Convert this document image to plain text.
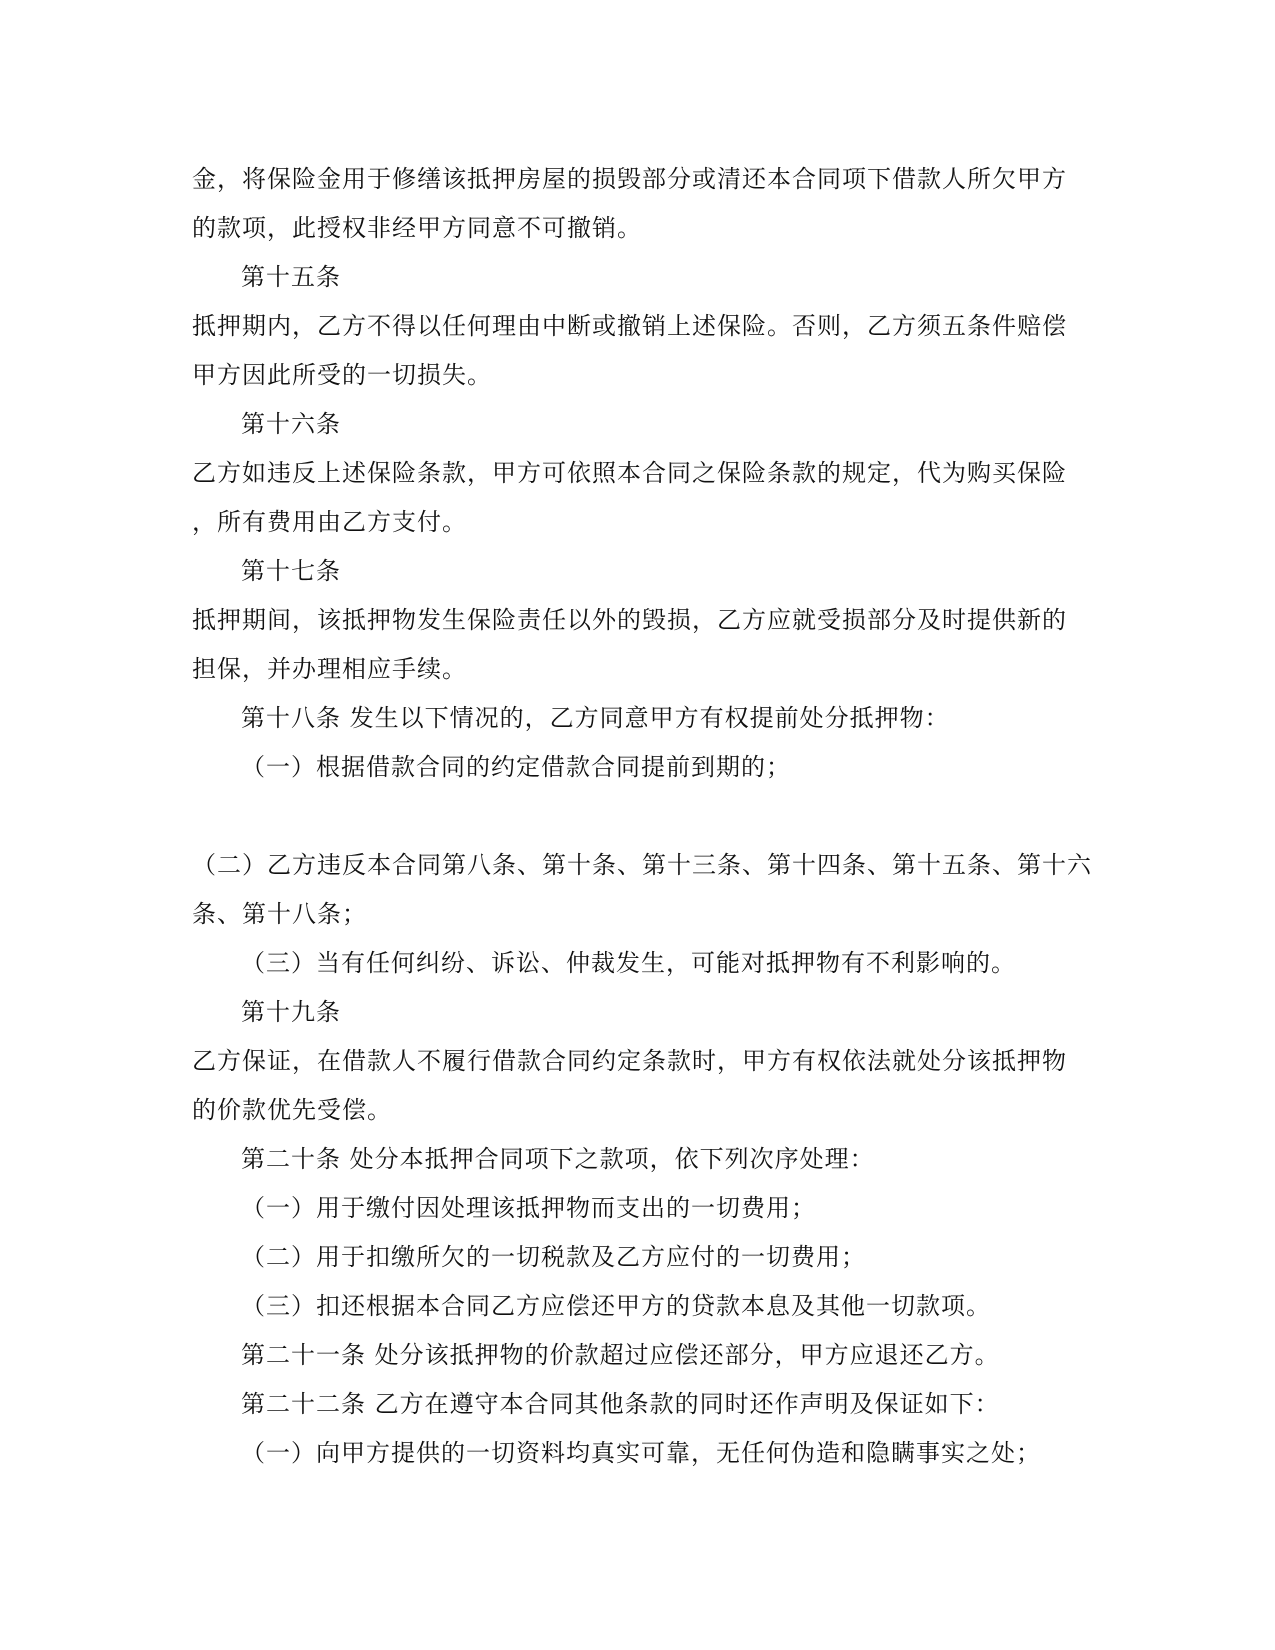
金，将保险金用于修缮该抵押房屋的损毁部分或清还本合同项下借款人所欠甲方
的款项，此授权非经甲方同意不可撤销。
第十五条
抵押期内，乙方不得以任何理由中断或撤销上述保险。否则，乙方须五条件赔偿
甲方因此所受的一切损失。
第十六条
乙方如违反上述保险条款，甲方可依照本合同之保险条款的规定，代为购买保险
，所有费用由乙方支付。
第十七条
抵押期间，该抵押物发生保险责任以外的毁损，乙方应就受损部分及时提供新的
担保，并办理相应手续。
第十八条 发生以下情况的，乙方同意甲方有权提前处分抵押物：
（一）根据借款合同的约定借款合同提前到期的；
（二）乙方违反本合同第八条、第十条、第十三条、第十四条、第十五条、第十六
条、第十八条；
（三）当有任何纠纷、诉讼、仲裁发生，可能对抵押物有不利影响的。
第十九条
乙方保证，在借款人不履行借款合同约定条款时，甲方有权依法就处分该抵押物
的价款优先受偿。
第二十条 处分本抵押合同项下之款项，依下列次序处理：
（一）用于缴付因处理该抵押物而支出的一切费用；
（二）用于扣缴所欠的一切税款及乙方应付的一切费用；
（三）扣还根据本合同乙方应偿还甲方的贷款本息及其他一切款项。
第二十一条 处分该抵押物的价款超过应偿还部分，甲方应退还乙方。
第二十二条 乙方在遵守本合同其他条款的同时还作声明及保证如下：
（一）向甲方提供的一切资料均真实可靠，无任何伪造和隐瞒事实之处；
